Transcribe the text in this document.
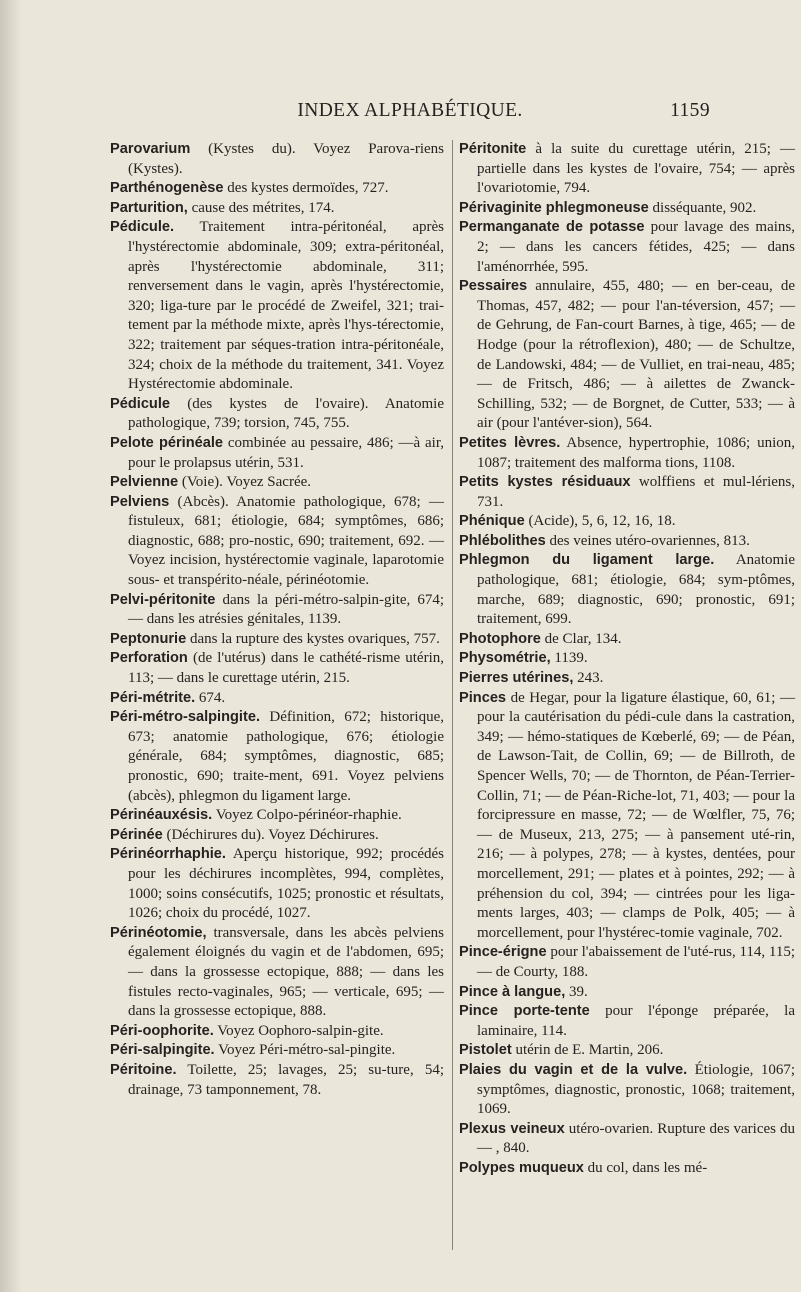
INDEX ALPHABÉTIQUE.	1159
Parovarium (Kystes du). Voyez Parova-riens (Kystes).
Parthénogenèse des kystes dermoïdes, 727.
Parturition, cause des métrites, 174.
Pédicule. Traitement intra-péritonéal, après l'hystérectomie abdominale, 309; extra-péritonéal, après l'hystérectomie abdominale, 311; renversement dans le vagin, après l'hystérectomie, 320; liga-ture par le procédé de Zweifel, 321; trai-tement par la méthode mixte, après l'hys-térectomie, 322; traitement par séques-tration intra-péritonéale, 324; choix de la méthode du traitement, 341. Voyez Hystérectomie abdominale.
Pédicule (des kystes de l'ovaire). Anatomie pathologique, 739; torsion, 745, 755.
Pelote périnéale combinée au pessaire, 486; —à air, pour le prolapsus utérin, 531.
Pelvienne (Voie). Voyez Sacrée.
Pelviens (Abcès). Anatomie pathologique, 678; — fistuleux, 681; étiologie, 684; symptômes, 686; diagnostic, 688; pro-nostic, 690; traitement, 692. — Voyez incision, hystérectomie vaginale, laparotomie sous- et transpérito-néale, périnéotomie.
Pelvi-péritonite dans la péri-métro-salpin-gite, 674; — dans les atrésies génitales, 1139.
Peptonurie dans la rupture des kystes ovariques, 757.
Perforation (de l'utérus) dans le cathété-risme utérin, 113; — dans le curettage utérin, 215.
Péri-métrite. 674.
Péri-métro-salpingite. Définition, 672; historique, 673; anatomie pathologique, 676; étiologie générale, 684; symptômes, diagnostic, 685; pronostic, 690; traite-ment, 691. Voyez pelviens (abcès), phlegmon du ligament large.
Périnéauxésis. Voyez Colpo-périnéor-rhaphie.
Périnée (Déchirures du). Voyez Déchirures.
Périnéorrhaphie. Aperçu historique, 992; procédés pour les déchirures incomplètes, 994, complètes, 1000; soins consécutifs, 1025; pronostic et résultats, 1026; choix du procédé, 1027.
Périnéotomie, transversale, dans les abcès pelviens également éloignés du vagin et de l'abdomen, 695; — dans la grossesse ectopique, 888; — dans les fistules recto-vaginales, 965; — verticale, 695; — dans la grossesse ectopique, 888.
Péri-oophorite. Voyez Oophoro-salpin-gite.
Péri-salpingite. Voyez Péri-métro-sal-pingite.
Péritoine. Toilette, 25; lavages, 25; su-ture, 54; drainage, 73 tamponnement, 78.
Péritonite à la suite du curettage utérin, 215; — partielle dans les kystes de l'ovaire, 754; — après l'ovariotomie, 794.
Périvaginite phlegmoneuse disséquante, 902.
Permanganate de potasse pour lavage des mains, 2; — dans les cancers fétides, 425; — dans l'aménorrhée, 595.
Pessaires annulaire, 455, 480; — en ber-ceau, de Thomas, 457, 482; — pour l'an-téversion, 457; — de Gehrung, de Fan-court Barnes, à tige, 465; — de Hodge (pour la rétroflexion), 480; — de Schultze, de Landowski, 484; — de Vulliet, en trai-neau, 485; — de Fritsch, 486; — à ailettes de Zwanck-Schilling, 532; — de Borgnet, de Cutter, 533; — à air (pour l'antéver-sion), 564.
Petites lèvres. Absence, hypertrophie, 1086; union, 1087; traitement des malforma tions, 1108.
Petits kystes résiduaux wolffiens et mul-lériens, 731.
Phénique (Acide), 5, 6, 12, 16, 18.
Phlébolithes des veines utéro-ovariennes, 813.
Phlegmon du ligament large. Anatomie pathologique, 681; étiologie, 684; sym-ptômes, marche, 689; diagnostic, 690; pronostic, 691; traitement, 699.
Photophore de Clar, 134.
Physométrie, 1139.
Pierres utérines, 243.
Pinces de Hegar, pour la ligature élastique, 60, 61; — pour la cautérisation du pédi-cule dans la castration, 349; — hémo-statiques de Kœberlé, 69; — de Péan, de Lawson-Tait, de Collin, 69; — de Billroth, de Spencer Wells, 70; — de Thornton, de Péan-Terrier-Collin, 71; — de Péan-Riche-lot, 71, 403; — pour la forcipressure en masse, 72; — de Wœlfler, 75, 76; — de Museux, 213, 275; — à pansement uté-rin, 216; — à polypes, 278; — à kystes, dentées, pour morcellement, 291; — plates et à pointes, 292; — à préhension du col, 394; — cintrées pour les liga-ments larges, 403; — clamps de Polk, 405; — à morcellement, pour l'hystérec-tomie vaginale, 702.
Pince-érigne pour l'abaissement de l'uté-rus, 114, 115; — de Courty, 188.
Pince à langue, 39.
Pince porte-tente pour l'éponge préparée, la laminaire, 114.
Pistolet utérin de E. Martin, 206.
Plaies du vagin et de la vulve. Étiologie, 1067; symptômes, diagnostic, pronostic, 1068; traitement, 1069.
Plexus veineux utéro-ovarien. Rupture des varices du — , 840.
Polypes muqueux du col, dans les mé-
